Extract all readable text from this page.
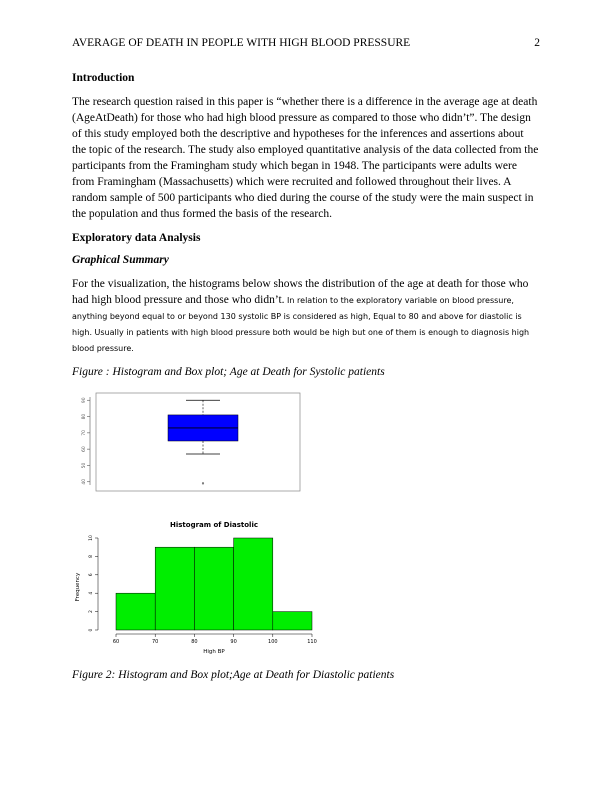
AVERAGE OF DEATH IN PEOPLE WITH HIGH BLOOD PRESSURE	2
Introduction

The research question raised in this paper is “whether there is a difference in the average age at death (AgeAtDeath) for those who had high blood pressure as compared to those who didn’t”. The design of this study employed both the descriptive and hypotheses for the inferences and assertions about the topic of the research. The study also employed quantitative analysis of the data collected from the participants from the Framingham study which began in 1948. The participants were adults were from Framingham (Massachusetts) which were recruited and followed throughout their lives. A random sample of 500 participants who died during the course of the study were the main suspect in the population and thus formed the basis of the research.

Exploratory data Analysis
Graphical Summary

For the visualization, the histograms below shows the distribution of the age at death for those who had high blood pressure and those who didn’t. In relation to the exploratory variable on blood pressure, anything beyond equal to or beyond 130 systolic BP is considered as high, Equal to 80 and above for diastolic is high. Usually in patients with high blood pressure both would be high but one of them is enough to diagnosis high blood pressure.

Figure : Histogram and Box plot; Age at Death for Systolic patients

40
50
60
70
80
90
Histogram of Diastolic
Frequency
High BP
0
2
4
6
8
10
60	70	80	90	100	110

Figure 2: Histogram and Box plot;Age at Death for Diastolic patients
